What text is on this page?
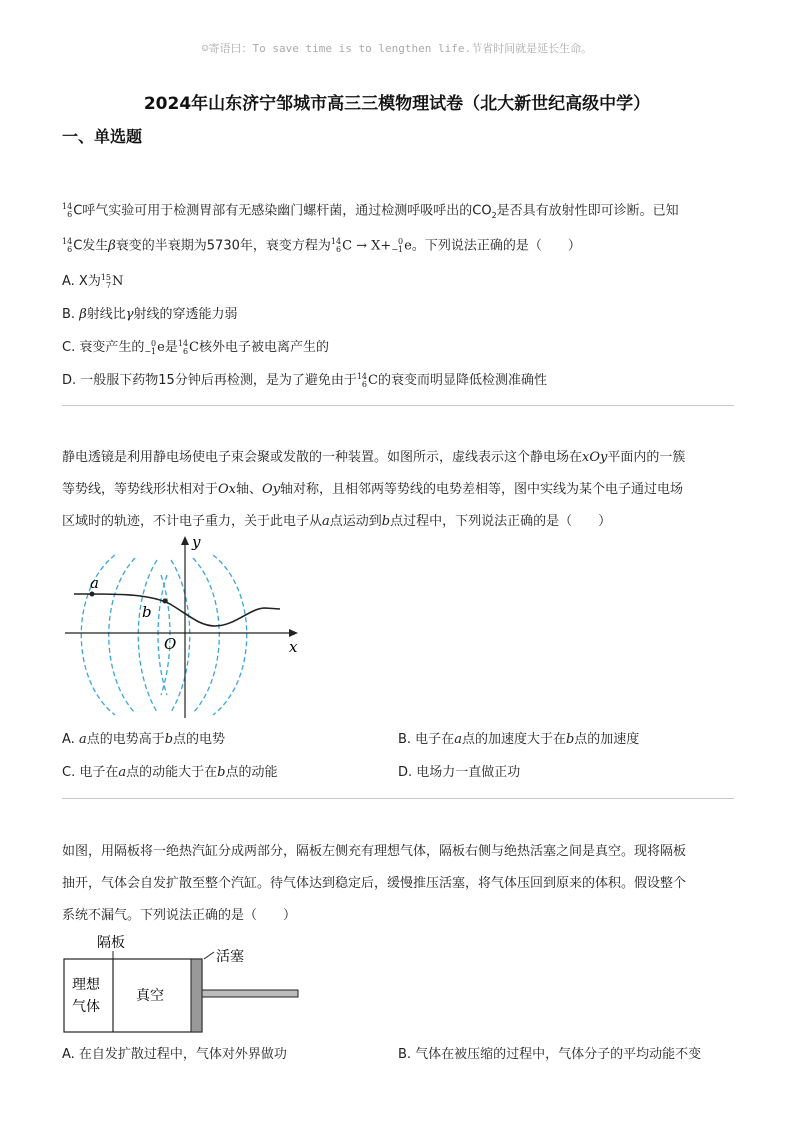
☺寄语曰：To save time is to lengthen life.节省时间就是延长生命。
2024年山东济宁邹城市高三三模物理试卷（北大新世纪高级中学）
一、单选题
14
6 C呼气实验可用于检测胃部有无感染幽门螺杆菌，通过检测呼吸呼出的$CO_2$是否具有放射性即可诊断。已知
14
6 C发生β衰变的半衰期为5730年，衰变方程为 14
6 C → X+ 0
−1 e。下列说法正确的是（　　）
A. X为 15
7 N
B. β射线比γ射线的穿透能力弱
C. 衰变产生的 0
−1 e是 14
6 C核外电子被电离产生的
D. 一般服下药物15分钟后再检测，是为了避免由于 14
6 C的衰变而明显降低检测准确性
静电透镜是利用静电场使电子束会聚或发散的一种装置。如图所示，虚线表示这个静电场在xOy平面内的一簇
等势线，等势线形状相对于Ox轴、Oy轴对称，且相邻两等势线的电势差相等，图中实线为某个电子通过电场
区域时的轨迹，不计电子重力，关于此电子从a点运动到b点过程中，下列说法正确的是（　　）
y
x
O
a
b
A. a点的电势高于b点的电势	B. 电子在a点的加速度大于在b点的加速度
C. 电子在a点的动能大于在b点的动能	D. 电场力一直做正功
如图，用隔板将一绝热汽缸分成两部分，隔板左侧充有理想气体，隔板右侧与绝热活塞之间是真空。现将隔板
抽开，气体会自发扩散至整个汽缸。待气体达到稳定后，缓慢推压活塞，将气体压回到原来的体积。假设整个
系统不漏气。下列说法正确的是（　　）
隔板
活塞
理想
气体
真空
A. 在自发扩散过程中，气体对外界做功	B. 气体在被压缩的过程中，气体分子的平均动能不变
